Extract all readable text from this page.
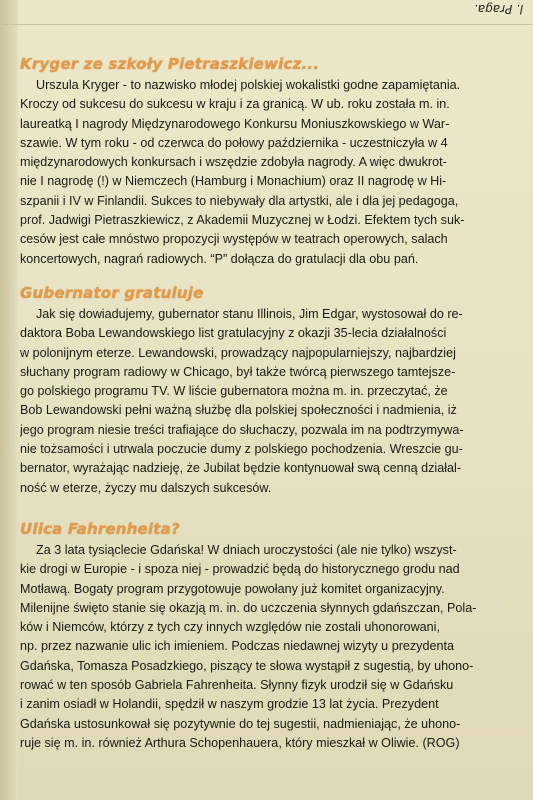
MOSTY ZAMIAST MUROW
l. Praga.
Kryger ze szkoły Pietraszkiewicz...
Urszula Kryger - to nazwisko młodej polskiej wokalistki godne zapamiętania.
Kroczy od sukcesu do sukcesu w kraju i za granicą. W ub. roku została m. in.
laureatką I nagrody Międzynarodowego Konkursu Moniuszkowskiego w War-
szawie. W tym roku - od czerwca do połowy października - uczestniczyła w 4
międzynarodowych konkursach i wszędzie zdobyła nagrody. A więc dwukrot-
nie I nagrodę (!) w Niemczech (Hamburg i Monachium) oraz II nagrodę w Hi-
szpanii i IV w Finlandii. Sukces to niebywały dla artystki, ale i dla jej pedagoga,
prof. Jadwigi Pietraszkiewicz, z Akademii Muzycznej w Łodzi. Efektem tych suk-
cesów jest całe mnóstwo propozycji występów w teatrach operowych, salach
koncertowych, nagrań radiowych. “P” dołącza do gratulacji dla obu pań.
Gubernator gratuluje
Jak się dowiadujemy, gubernator stanu Illinois, Jim Edgar, wystosował do re-
daktora Boba Lewandowskiego list gratulacyjny z okazji 35-lecia działalności
w polonijnym eterze. Lewandowski, prowadzący najpopularniejszy, najbardziej
słuchany program radiowy w Chicago, był także twórcą pierwszego tamtejsze-
go polskiego programu TV. W liście gubernatora można m. in. przeczytać, że
Bob Lewandowski pełni ważną służbę dla polskiej społeczności i nadmienia, iż
jego program niesie treści trafiające do słuchaczy, pozwala im na podtrzymywa-
nie tożsamości i utrwala poczucie dumy z polskiego pochodzenia. Wreszcie gu-
bernator, wyrażając nadzieję, że Jubilat będzie kontynuował swą cenną działal-
ność w eterze, życzy mu dalszych sukcesów.
Ulica Fahrenheita?
Za 3 lata tysiąclecie Gdańska! W dniach uroczystości (ale nie tylko) wszyst-
kie drogi w Europie - i spoza niej - prowadzić będą do historycznego grodu nad
Motławą. Bogaty program przygotowuje powołany już komitet organizacyjny.
Milenijne święto stanie się okazją m. in. do uczczenia słynnych gdańszczan, Pola-
ków i Niemców, którzy z tych czy innych względów nie zostali uhonorowani,
np. przez nazwanie ulic ich imieniem. Podczas niedawnej wizyty u prezydenta
Gdańska, Tomasza Posadzkiego, piszący te słowa wystąpił z sugestią, by uhono-
rować w ten sposób Gabriela Fahrenheita. Słynny fizyk urodził się w Gdańsku
i zanim osiadł w Holandii, spędził w naszym grodzie 13 lat życia. Prezydent
Gdańska ustosunkował się pozytywnie do tej sugestii, nadmieniając, że uhono-
ruje się m. in. również Arthura Schopenhauera, który mieszkał w Oliwie. (ROG)
